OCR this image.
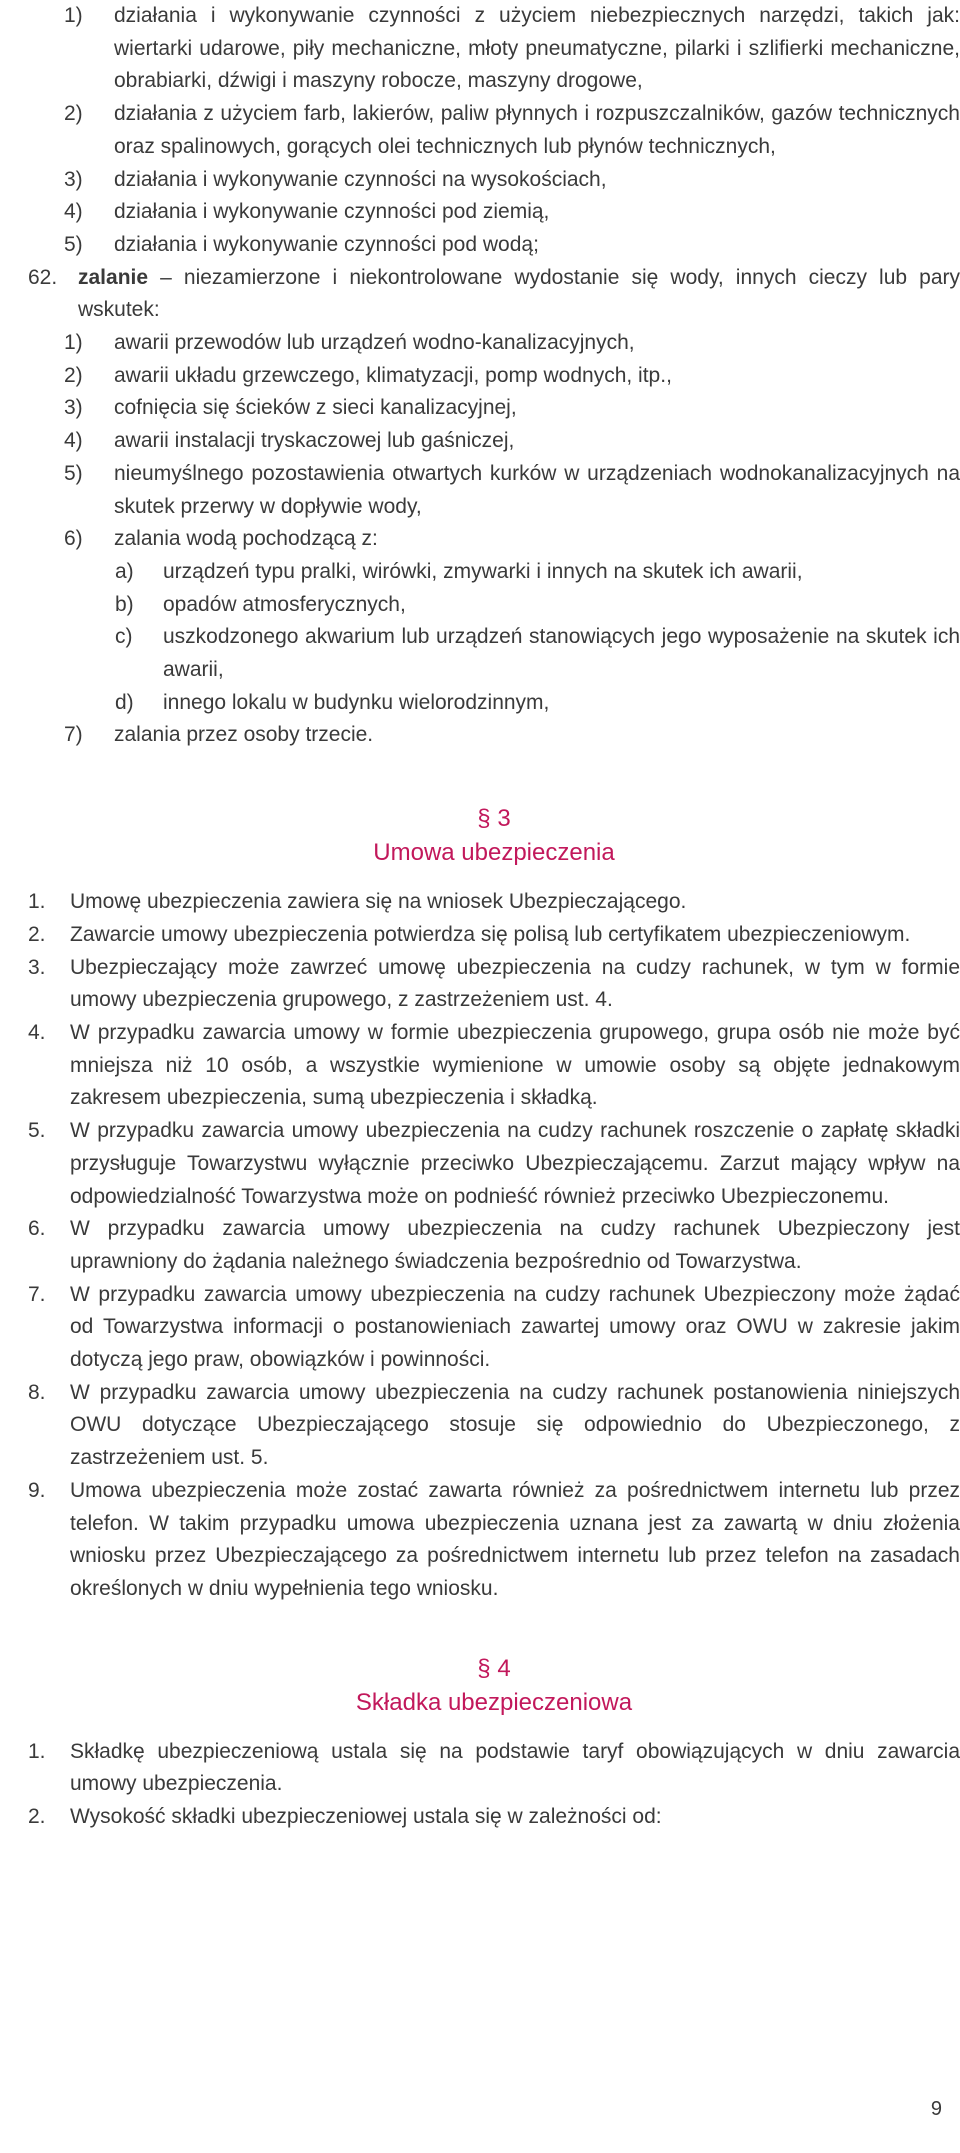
1) działania i wykonywanie czynności z użyciem niebezpiecznych narzędzi, takich jak: wiertarki udarowe, piły mechaniczne, młoty pneumatyczne, pilarki i szlifierki mechaniczne, obrabiarki, dźwigi i maszyny robocze, maszyny drogowe,
2) działania z użyciem farb, lakierów, paliw płynnych i rozpuszczalników, gazów technicznych oraz spalinowych, gorących olei technicznych lub płynów technicznych,
3) działania i wykonywanie czynności na wysokościach,
4) działania i wykonywanie czynności pod ziemią,
5) działania i wykonywanie czynności pod wodą;
62. zalanie – niezamierzone i niekontrolowane wydostanie się wody, innych cieczy lub pary wskutek:
1) awarii przewodów lub urządzeń wodno-kanalizacyjnych,
2) awarii układu grzewczego, klimatyzacji, pomp wodnych, itp.,
3) cofnięcia się ścieków z sieci kanalizacyjnej,
4) awarii instalacji tryskaczowej lub gaśniczej,
5) nieumyślnego pozostawienia otwartych kurków w urządzeniach wodnokanalizacyjnych na skutek przerwy w dopływie wody,
6) zalania wodą pochodzącą z:
a) urządzeń typu pralki, wirówki, zmywarki i innych na skutek ich awarii,
b) opadów atmosferycznych,
c) uszkodzonego akwarium lub urządzeń stanowiących jego wyposażenie na skutek ich awarii,
d) innego lokalu w budynku wielorodzinnym,
7) zalania przez osoby trzecie.
§ 3
Umowa ubezpieczenia
1. Umowę ubezpieczenia zawiera się na wniosek Ubezpieczającego.
2. Zawarcie umowy ubezpieczenia potwierdza się polisą lub certyfikatem ubezpieczeniowym.
3. Ubezpieczający może zawrzeć umowę ubezpieczenia na cudzy rachunek, w tym w formie umowy ubezpieczenia grupowego, z zastrzeżeniem ust. 4.
4. W przypadku zawarcia umowy w formie ubezpieczenia grupowego, grupa osób nie może być mniejsza niż 10 osób, a wszystkie wymienione w umowie osoby są objęte jednakowym zakresem ubezpieczenia, sumą ubezpieczenia i składką.
5. W przypadku zawarcia umowy ubezpieczenia na cudzy rachunek roszczenie o zapłatę składki przysługuje Towarzystwu wyłącznie przeciwko Ubezpieczającemu. Zarzut mający wpływ na odpowiedzialność Towarzystwa może on podnieść również przeciwko Ubezpieczonemu.
6. W przypadku zawarcia umowy ubezpieczenia na cudzy rachunek Ubezpieczony jest uprawniony do żądania należnego świadczenia bezpośrednio od Towarzystwa.
7. W przypadku zawarcia umowy ubezpieczenia na cudzy rachunek Ubezpieczony może żądać od Towarzystwa informacji o postanowieniach zawartej umowy oraz OWU w zakresie jakim dotyczą jego praw, obowiązków i powinności.
8. W przypadku zawarcia umowy ubezpieczenia na cudzy rachunek postanowienia niniejszych OWU dotyczące Ubezpieczającego stosuje się odpowiednio do Ubezpieczonego, z zastrzeżeniem ust. 5.
9. Umowa ubezpieczenia może zostać zawarta również za pośrednictwem internetu lub przez telefon. W takim przypadku umowa ubezpieczenia uznana jest za zawartą w dniu złożenia wniosku przez Ubezpieczającego za pośrednictwem internetu lub przez telefon na zasadach określonych w dniu wypełnienia tego wniosku.
§ 4
Składka ubezpieczeniowa
1. Składkę ubezpieczeniową ustala się na podstawie taryf obowiązujących w dniu zawarcia umowy ubezpieczenia.
2. Wysokość składki ubezpieczeniowej ustala się w zależności od:
9
